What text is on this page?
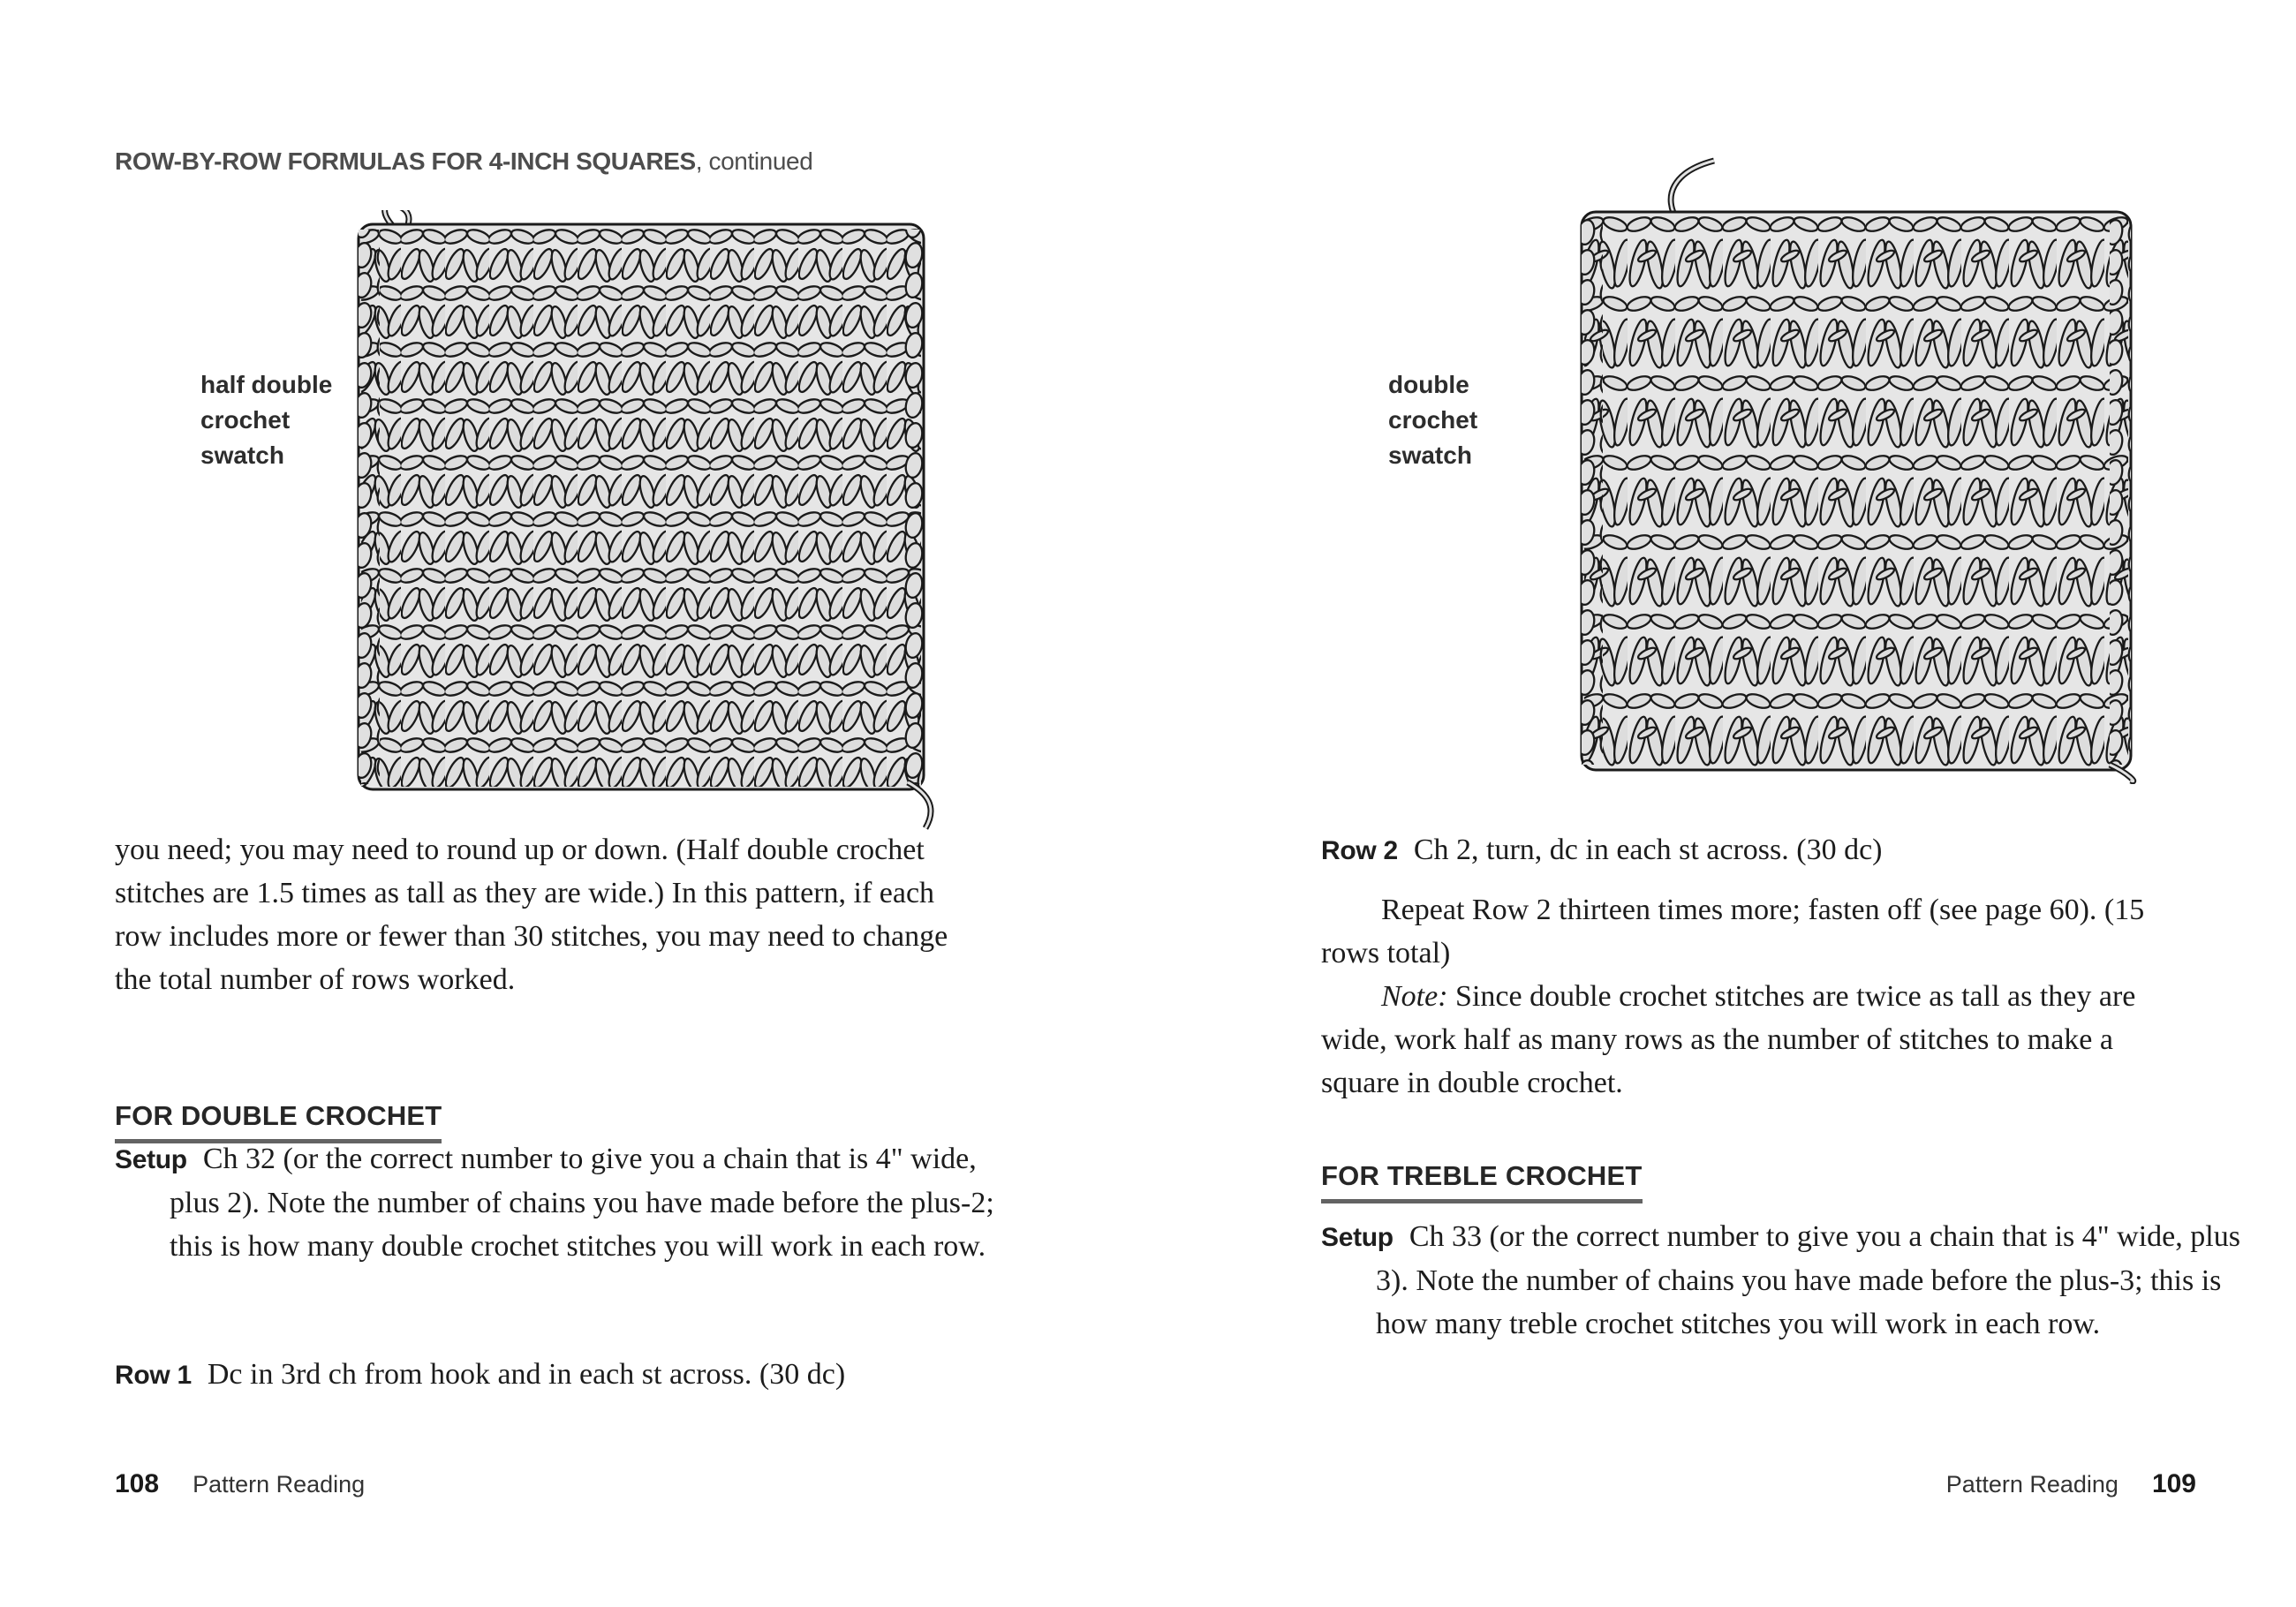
ROW-BY-ROW FORMULAS FOR 4-INCH SQUARES, continued
half double
crochet
swatch
double
crochet
swatch

you need; you may need to round up or down. (Half double crochet stitches are 1.5 times as tall as they are wide.) In this pattern, if each row includes more or fewer than 30 stitches, you may need to change the total number of rows worked.

FOR DOUBLE CROCHET

Setup Ch 32 (or the correct number to give you a chain that is 4" wide, plus 2). Note the number of chains you have made before the plus-2; this is how many double crochet stitches you will work in each row.

Row 1 Dc in 3rd ch from hook and in each st across. (30 dc)

Row 2 Ch 2, turn, dc in each st across. (30 dc)

Repeat Row 2 thirteen times more; fasten off (see page 60). (15 rows total)

Note: Since double crochet stitches are twice as tall as they are wide, work half as many rows as the number of stitches to make a square in double crochet.

FOR TREBLE CROCHET

Setup Ch 33 (or the correct number to give you a chain that is 4" wide, plus 3). Note the number of chains you have made before the plus-3; this is how many treble crochet stitches you will work in each row.

108 Pattern Reading	Pattern Reading 109
